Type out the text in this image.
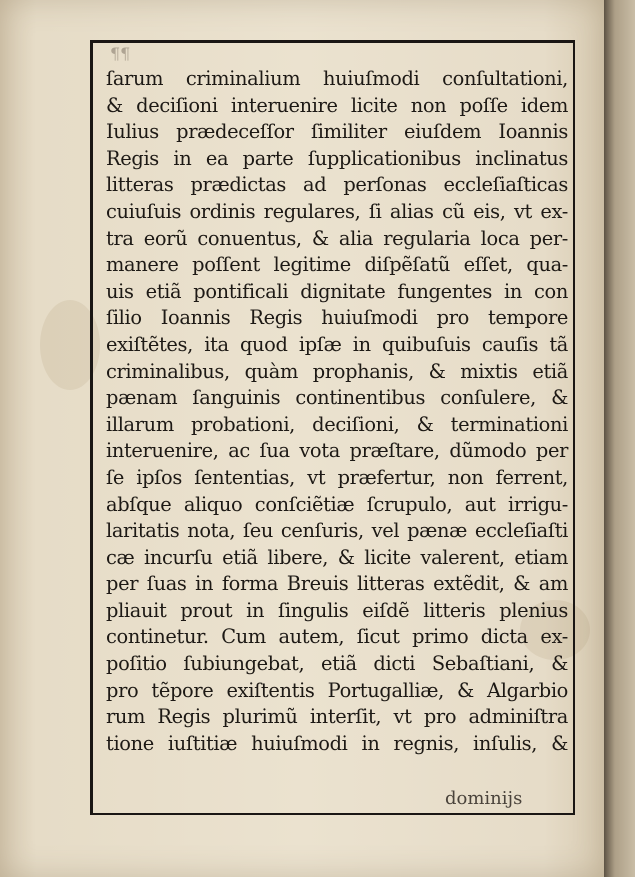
¶¶
ſarum criminalium huiuſmodi conſultationi,
& deciſioni interuenire licite non poſſe idem
Iulius prædeceſſor ſimiliter eiuſdem Ioannis
Regis in ea parte ſupplicationibus inclinatus
litteras prædictas ad perſonas eccleſiaſticas
cuiuſuis ordinis regulares, ſi alias cũ eis, vt ex-
tra eorũ conuentus, & alia regularia loca per-
manere poſſent legitime diſpẽſatũ eſſet, qua-
uis etiã pontificali dignitate fungentes in con
ſilio Ioannis Regis huiuſmodi pro tempore
exiſtẽtes, ita quod ipſæ in quibuſuis cauſis tã
criminalibus, quàm prophanis, & mixtis etiã
pænam ſanguinis continentibus conſulere, &
illarum probationi, deciſioni, & terminationi
interuenire, ac ſua vota præſtare, dũmodo per
ſe ipſos ſententias, vt præfertur, non ferrent,
abſque aliquo conſciẽtiæ ſcrupulo, aut irrigu-
laritatis nota, ſeu cenſuris, vel pænæ eccleſiaſti
cæ incurſu etiã libere, & licite valerent, etiam
per ſuas in forma Breuis litteras extẽdit, & am
pliauit prout in ſingulis eiſdẽ litteris plenius
continetur. Cum autem, ſicut primo dicta ex-
poſitio ſubiungebat, etiã dicti Sebaſtiani, &
pro tẽpore exiſtentis Portugalliæ, & Algarbio
rum Regis plurimũ interſit, vt pro adminiſtra
tione iuſtitiæ huiuſmodi in regnis, inſulis, &
dominijs
